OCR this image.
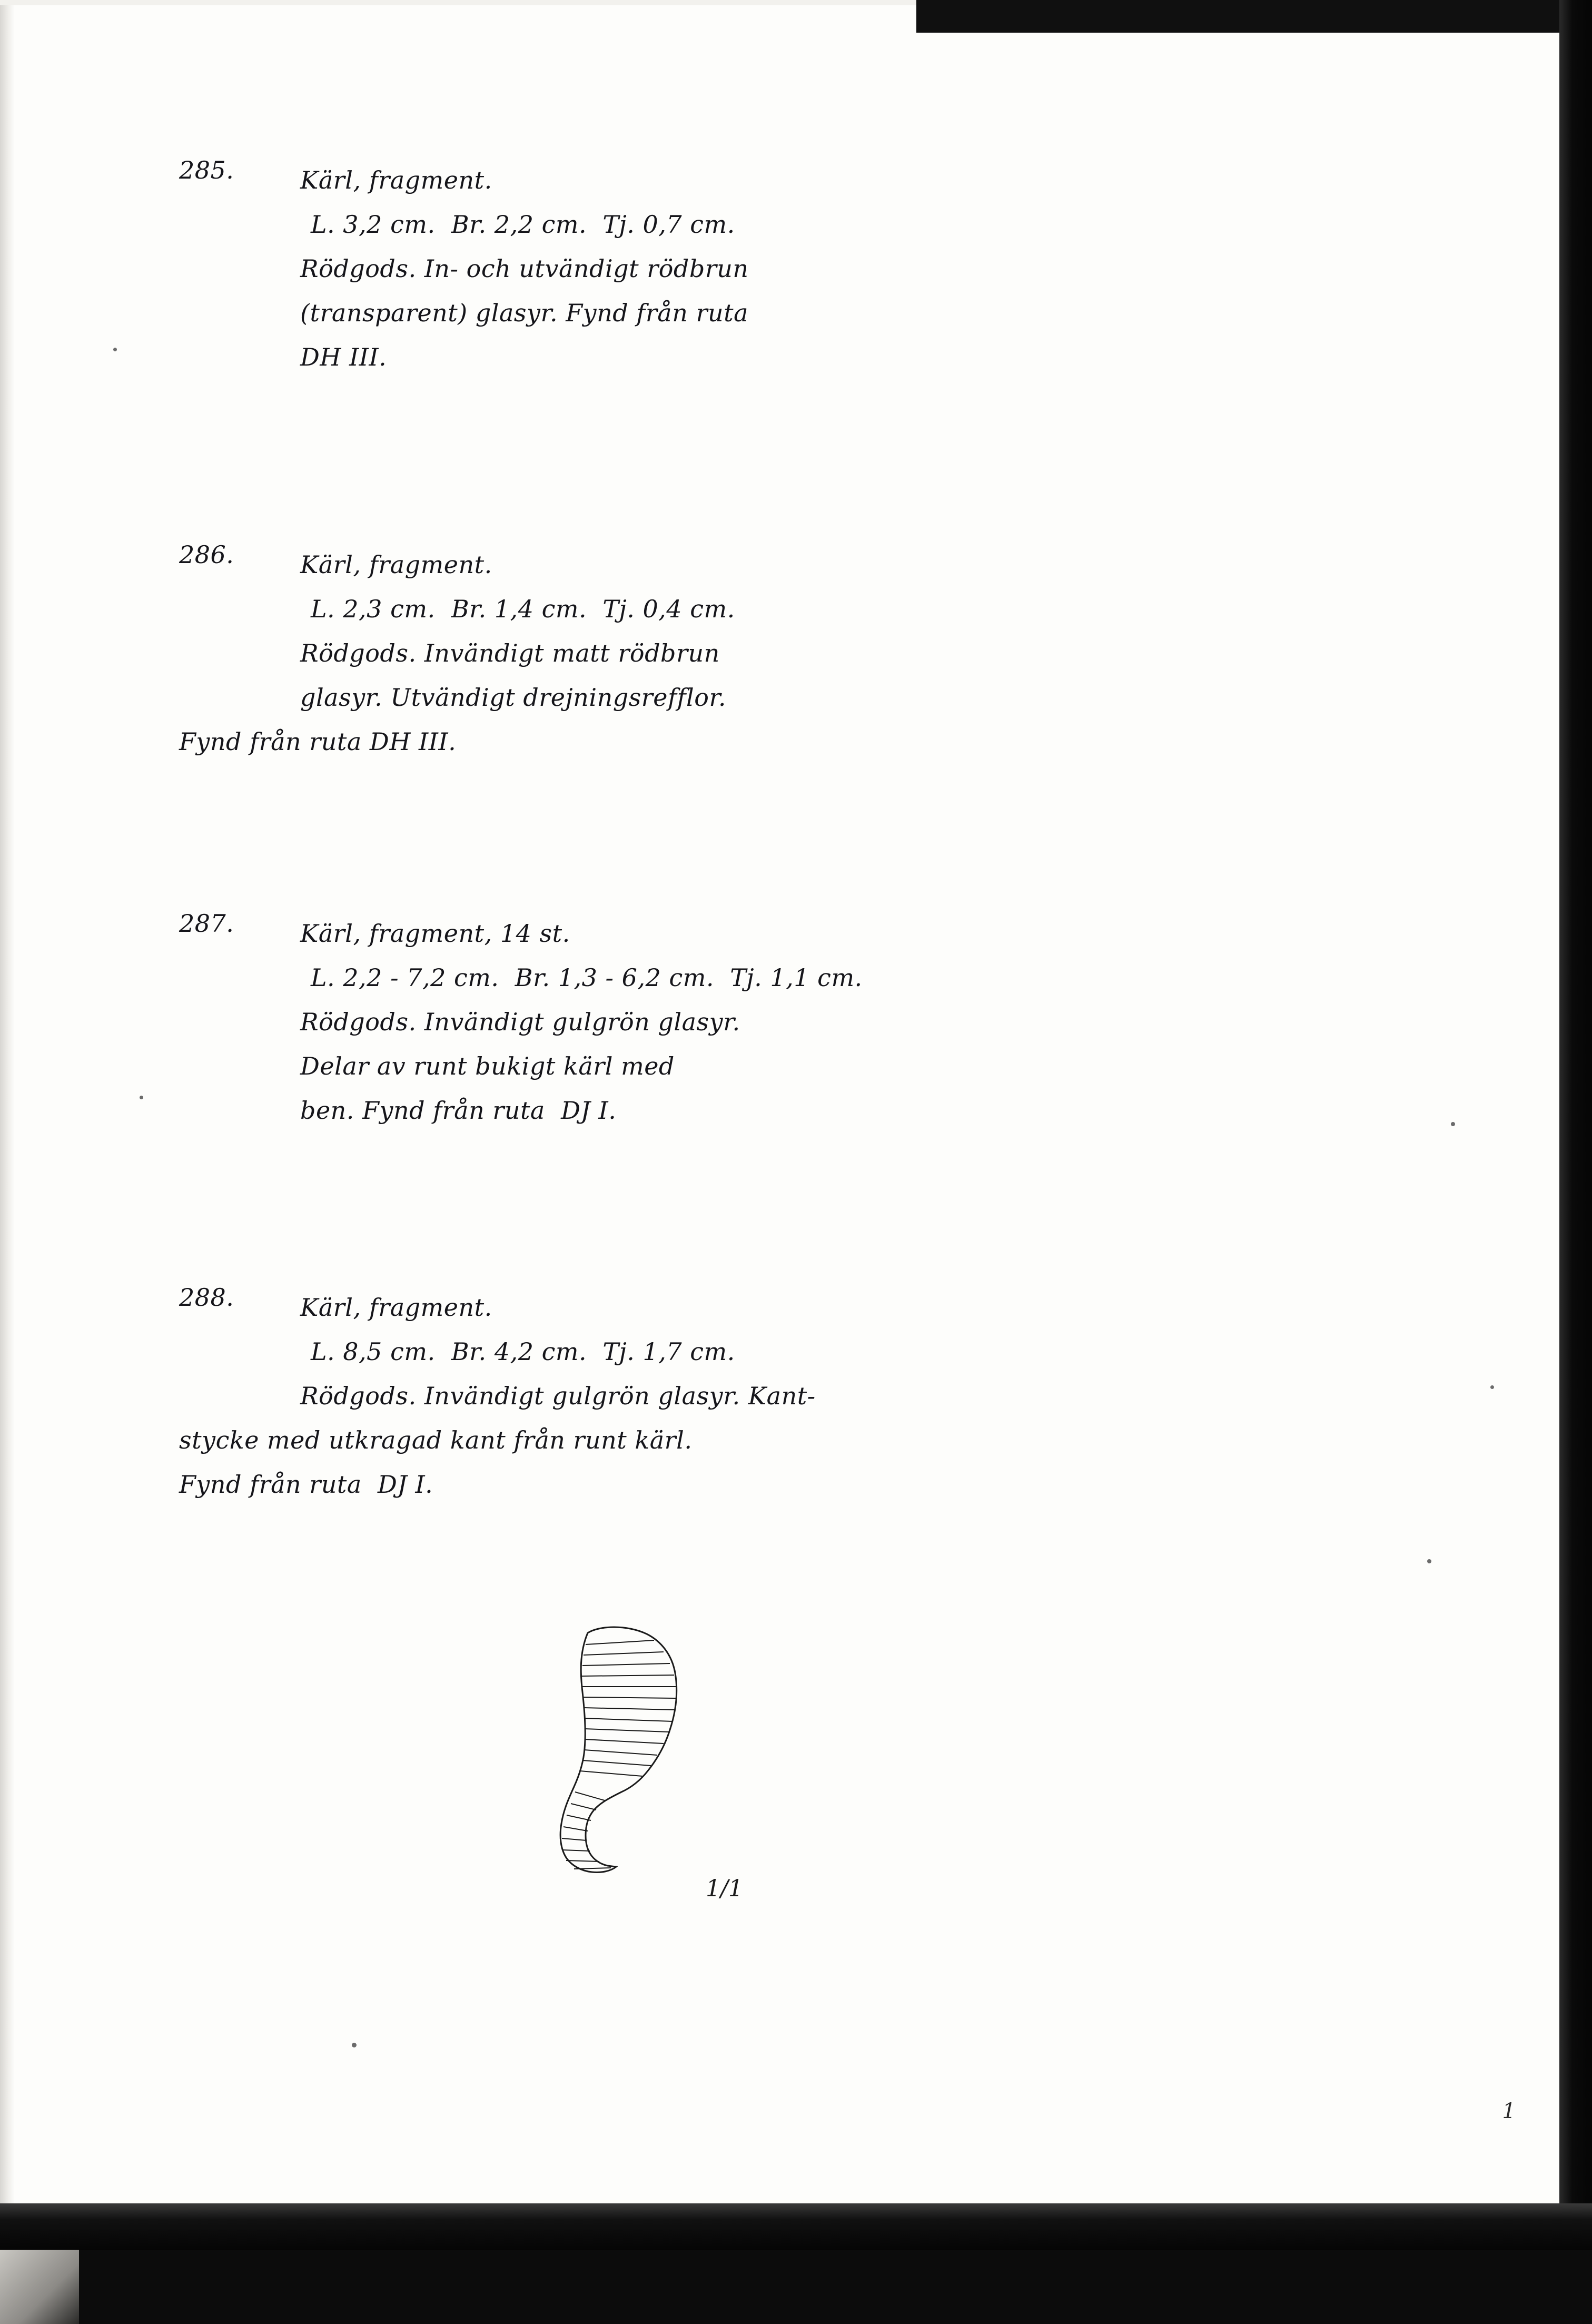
285.	Kärl, fragment.
L. 3,2 cm.  Br. 2,2 cm.  Tj. 0,7 cm.
Rödgods. In- och utvändigt rödbrun
(transparent) glasyr. Fynd från ruta
DH III.
286.	Kärl, fragment.
L. 2,3 cm.  Br. 1,4 cm.  Tj. 0,4 cm.
Rödgods. Invändigt matt rödbrun
glasyr. Utvändigt drejningsrefflor.
Fynd från ruta DH III.
287.	Kärl, fragment, 14 st.
L. 2,2 - 7,2 cm.  Br. 1,3 - 6,2 cm.  Tj. 1,1 cm.
Rödgods. Invändigt gulgrön glasyr.
Delar av runt bukigt kärl med
ben. Fynd från ruta  DJ I.
288.	Kärl, fragment.
L. 8,5 cm.  Br. 4,2 cm.  Tj. 1,7 cm.
Rödgods. Invändigt gulgrön glasyr. Kant-
stycke med utkragad kant från runt kärl.
Fynd från ruta  DJ I.
1/1
1
